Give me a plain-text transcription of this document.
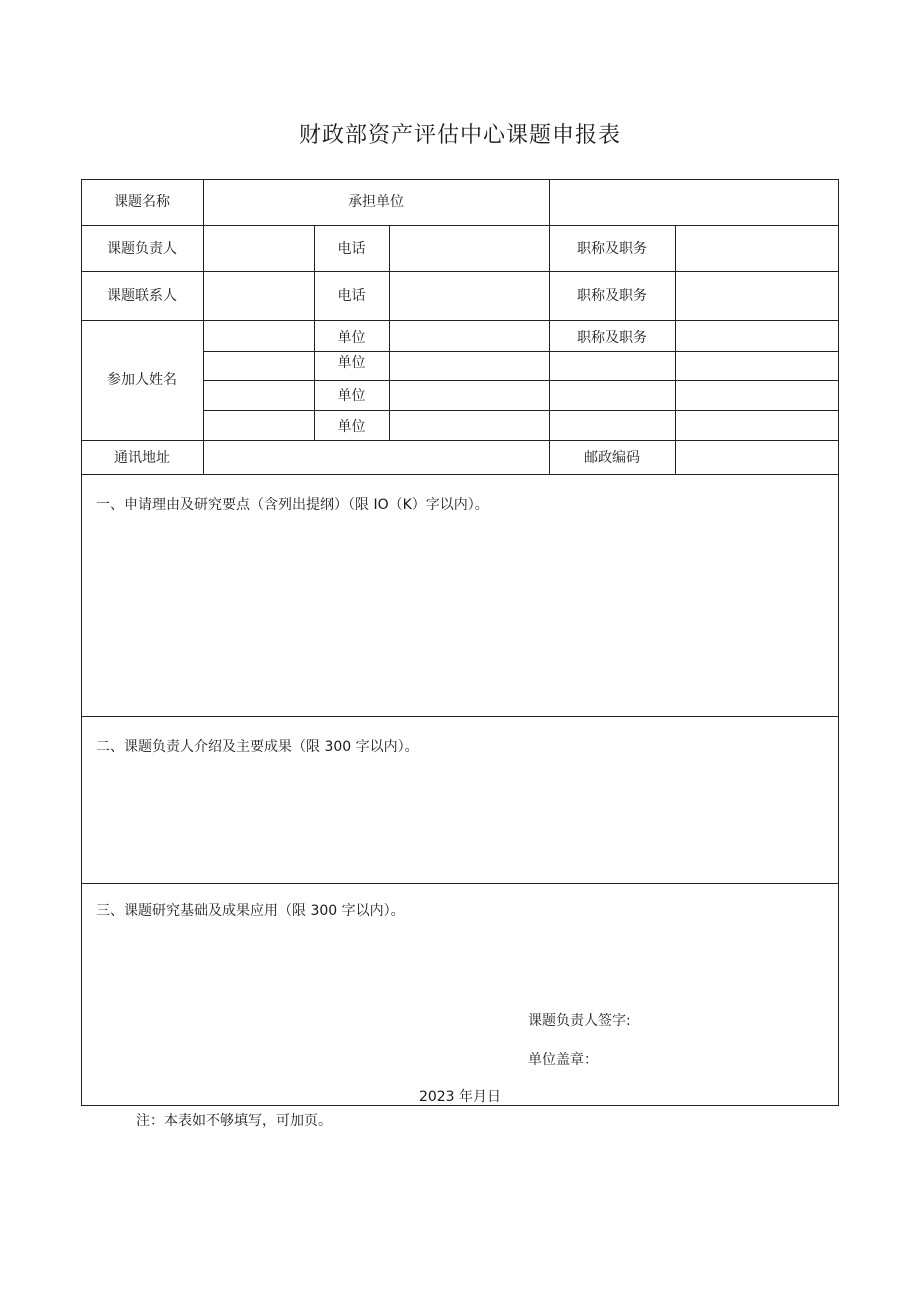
财政部资产评估中心课题申报表
课题名称	承担单位
课题负责人	电话	职称及职务
课题联系人	电话	职称及职务
参加人姓名
单位	职称及职务
单位
单位
单位
通讯地址	邮政编码
一、申请理由及研究要点（含列出提纲）（限 IO（K）字以内）。
二、课题负责人介绍及主要成果（限 300 字以内）。
三、课题研究基础及成果应用（限 300 字以内）。
课题负责人签字:
单位盖章：
2023 年月日
注：本表如不够填写，可加页。
